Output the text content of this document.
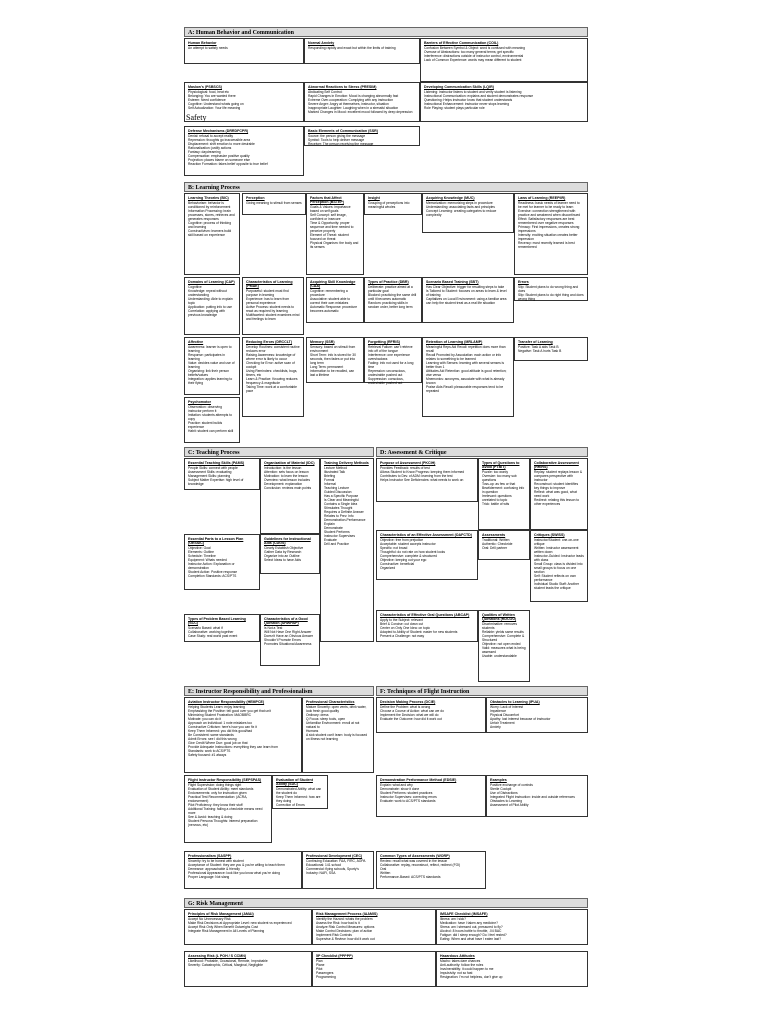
A: Human Behavior and Communication
B: Learning Process
C: Teaching Process	D: Assessment & Critique
E: Instructor Responsibility and Professionalism	F: Techniques of Flight Instruction
G: Risk Management
Human Behavior
An attempt to satisfy needs
Normal Anxiety
Responding rapidly and exact but within the limits of training
Barriers of Effective Communication (COIL)
Confusion Between Symbol & Object: word is confused with meaning
Overuse of Abstractions: too many general terms; get specific
Interference: distractions outside of instructor control, environmental
Lack of Common Experience: words may mean different to student
Maslow's (PSBSCS)
Physiological: food, heat etc
Belonging: You are wanted there
Esteem: Need confidence
Cognitive: Understand whats going on
Self Actualization: Your life meaning
Abnormal Reactions to Stress (PRESIM)
Abdicating Self Control:
Rapid Changes in Emotion: Mood is changing abnormally fast
Extreme Over-cooperation: Complying with any instruction
Severe Anger: Angry at themselves, instructor, situation
Inappropriate Laughter: Laughing when in a stressful situation
Marked Changes in Mood: excellent mood followed by deep depression
Developing Communication Skills (LQIR)
Listening: instructor listens to student and verify student is listening
Instructional Communication: explains and student demonstrates response
Questioning: Helps instructor know that student understands
Instructional Enhancement: instructor never stops learning
Role Playing: student plays particular role
Defense Mechanisms (DRRDFCPR)
Denial: refusal to accept reality
Repression: thoughts go inaccessible area
Displacement: shift emotion to more desirable
Rationalization: justify actions
Fantasy: daydreaming
Compensation: emphasize positive quality
Projection: places blame on someone else
Reaction Formation: fakes belief opposite to true belief
Basic Elements of Communication (SSR)
Source: the person giving the message
Symbol: Tools to help deliver message
Receiver: The person receiving the message
Learning Theories (BIC)
Behaviorism: behavior is conditioned by reinforcement
Information Processing: brain processes, stores, retrieves and generates responses
Cognitive: process of thinking and learning
Constructivism: learners build skill based on experience
Perception
Giving meaning to stimuli from senses
Factors that Affect Perception (BSTEP)
Goals & Values: importance based on self goals
Self Concept: self image, confident or insecure
Time & Opportunity: proper sequence and time needed to perceive properly
Element of Threat: student focused on threat
Physical Organism: the body and its senses
Insight
Grouping of perceptions into meaningful wholes
Acquiring Knowledge (MUC)
Memorization: memorizing steps in procedure
Understanding: associating facts and principles
Concept Learning: creating categories to reduce complexity
Laws of Learning (REEPIIR)
Readiness: basic needs of learner need to be met for learner to be ready to learn
Exercise: connection strengthened with practice and weakened when discontinued
Effect: Satisfactory responses are best remembered over negative responses
Primacy: First impressions, creates strong impressions
Intensity: exciting situation creates better impression
Recency: most recently learned is best remembered
Domains of Learning (CAP)
Cognitive
Knowledge: repeat without understanding
Understanding: Able to explain topic
Application: putting info to use
Correlation: applying with previous knowledge
Characteristics of Learning (PMAE)
Purposeful: student must find purpose in learning
Experience: has to learn from personal experience
Active Process: student needs to react as required by learning
Multifaceted: student examines mind and feelings to learn
Acquiring Skill Knowledge (CAA)
Cognitive: remembering a procedure
Associative: student able to correct their own mistakes
Automatic Response: procedure becomes automatic
Types of Practice (DBR)
Deliberate: practice aimed at a particular goal
Blocked: practicing the same drill until it becomes automatic
Random: practicing skills in random order, better long term
Scenario Based Training (SBT)
Has Clear Objective: trigger for resulting steps to take
Is Tailored to Student: focuses on areas to learn & level of training
Capitalizes on Local Environment: using a familiar area can help the student treat as a real life situation
Errors
Slip: Student plans to do wrong thing and does
Slip: Student plans to do right thing and does wrong thing
Affective
Awareness: learner is open to learning
Response: participates in learning
Value: decides value and use of learning
Organizing: link their person beliefs/values
Integration: applies learning to their flying
Reducing Errors (DRCCLT)
Develop Routines: consistent routine reduces error
Raising Awareness: knowledge of where error is likely to occur
Checking for Error: active scan of cockpit
Using Reminders: checklists, bugs, timers, etc
Learn & Practice: Knowing reduces frequency & magnitude
Taking Time: work at a comfortable pace
Memory (SSR)
Sensory: based on stimuli from environment
Short Term: info is stored for 30 seconds, then fades or put into long term
Long Term: permanent information to be recalled, can last a lifetime
Forgetting (RFRIS)
Retrieval Failure: can't retrieve info off of the tongue
Interference: one experience overshadows
Fading: info not used for a long time
Repression: unconscious, undesirable pushed out
Suppression: conscious, undesirable pushed out
Retention of Learning (MRLAMP)
Meaningful Reps Aid Recall: repetition does more than recall
Recall Promoted by Association: each action or info relates to something to be learned
Learning with Senses: learning with several senses is better than 1
Attitudes Aid Retention: good attitude is good retention; vise versa
Mnemonics: acronyms, associate with what is already known
Praise Aids Recall: pleasurable responses tend to be repeated
Transfer of Learning
Positive: Task A aids Task B
Negative: Task A hurts Task B
Psychomotor
Observation: observing instructor perform it
Imitation: students attempts to copy
Practice: student builds experience
Habit: student can perform skill
Essential Teaching Skills (PAMS)
People Skills: connect with people
Assessment Skills: evaluating
Management Skills: planning
Subject Matter Expertise: high level of knowledge
Organization of Material (IDC)
Introduction: is the lesson
Attention: sets focus on lesson
Motivation: to learn the lesson
Overview: what lesson includes
Development: explanation
Conclusion: reviews main points
Training Delivery Methods
Lecture Method
Illustrated Talk
Briefing
Formal
Informal
Teaching Lecture
Guided Discussion
Has a Specific Purpose
Is Clear and Meaningful
Contains a Single Idea
Stimulates Thought
Requires a Definite Answer
Relates to Prev. Info
Demonstration-Performance
Explain
Demonstrate
Student Performs
Instructor Supervises
Evaluate
Drill and Practice
Essential Parts to a Lesson Plan (OESSIC)
Objective: Goal
Elements: Outline
Schedule: Timeline
Equipment: Whats needed
Instructor Action: Explanation or demonstration
Student Action: Positive response
Completion Standards: ACS/PTS
Guidelines for Instructional Aids (CDGS)
Clearly Establish Objective
Gather Data by Research
Organize into an Outline
Select Ideas to have Aids
Types of Problem Based Learning (SCC)
Scenario Based: what if
Collaborative: working together
Case Study: real world past event
Characteristics of a Good Question (SHWHSP)
Is Not a Test
Will Not Have One Right Answer
Doesn't Have an Obvious Answer
Shouldn't Promote Errors
Promotes Situational Awareness
Purpose of Assessment (PKCIH)
Provides Feedback: results of test
Allows Student to Know Progress: keeping them informed
Contributes to Dev. of ADM: learning from the test
Helps Instructor See Deficiencies: what needs to work on
Types of Questions to Avoid (PTBIT)
Puzzle: too wordy
Oversize: too many sub questions
Toss-up: as few or that
Bewilderment: confusing info in question
Irrelevant: questions unrelated to topic
Trick: battle of wits
Collaborative Assessment (RRIRS)
Replay: student replays lesson & compares perspective with instructor
Reconstruct: student identifies key things to improve
Reflect: what was good, what need work
Redirect: relating this lesson to other experiences
Characteristics of an Effective Assessment (OAFCTD)
Objective: free from prejudice
Acceptable: student accepts instructor
Specific: not broad
Thoughtful: do not rate on how student looks
Comprehensive: complete & structured
Objective: keeping out your ego
Constructive: beneficial
Organized
Assessments
Traditional: Written
Authentic: Checkride
Oral: Drill partner
Critiques (SWISS)
Instructor/Student: one-on-one critique
Written: Instructor assessment written down
Instructor-Guided: Instructor leads with class
Small Group: class is divided into small groups to focus on one section
Self: Student reflects on own performance
Individual Studio Staff: Another student leads the critique
Characteristics of Effective Oral Questions (ABCAP)
Apply to the Subject: relevant
Brief & Concise: cut down cut
Center on Only One Idea: on topic
Adapted to Ability of Student: easier for new students
Present a Challenge: not easy
Qualities of Written Questions (RDCOU)
Discriminative: removes students
Reliable: yields same results
Comprehensive: Complete & Structured
Objective: not open ended
Valid: measures what is being assessed
Usable: understandable
Aviation Instructor Responsibility (HEMPCE)
Helping Students Learn: enjoy learning
Emphasizing the Positive: tell good over you get that unit
Minimizing Student Frustration: MAOBBRC
Motivate: you can do it
Approach an Individual: 1 note mistakes too
Constructive Criticism: here's how you can fix it
Keep Them Informed: you did this good/bad
Be Consistent: same standards
Admit Errors: see I did this wrong
Give Credit Where Due: good job on that
Provide Adequate Instructions: everything they can learn from
Standards: work to ACS/PTS
Safety focused: #1 always
Professional Characteristics
Mature Sincerity: open vents, drink water, look fresh good quality
Ordinary: dress
Q Focus: sleep tools, open
Unfamiliar Environment: enroll at not natural to
Humans
A sick student can't learn: body is focused on illness not learning
Flight Instructor Responsibility (SEPSPAS)
Flight Supervision: doing things right
Evaluation of Student Ability: meet standards
Endorsements: only for instruction given
Practical Test Recommendation: (ACRA, endorsement)
Pilot Proficiency: they know their stuff
Additional Training: failing a checkride means need more
See & Avoid: teaching & doing
Student Persona Thoughts: interest preparation (nervous, etc)
Evaluation of Student Ability (SDC)
Demonstrated Ability: what can the student do
Keep Them Informed: how are they doing
Correction of Errors
Professionalism (SASPP)
Sincerity: try to be honest with student
Acceptance of Student: they are you & you're willing to teach them
Demeanor: approachable & friendly
Professional Appearance: look like you know what you're doing
Proper Language: Not slang
Professional Development (CEC)
Continuing Education: FAA, FIRC, AOPA
Educational: 141 school
Commercial: flying schools, Sporty's
Industry: NAFI, SSA
Decision Making Process (DCIE)
Define the Problem: what is wrong
Choose a Course of Action: what can we do
Implement the Decision: what we will do
Evaluate the Outcome: how did it work out
Obstacles to Learning (IPUA)
Worry: Lack of Interest
Impatience
Physical Discomfort
Apathy: lost interest because of instructor
Unfair Treatment
Anxiety
Demonstration Performance Method (EDSIE)
Explain: what and why
Demonstrate: show it done
Student Performs: student practices
Instructor Supervises: correcting errors
Evaluate: work to ACS/PTS standards
Examples
Positive exchange of controls
Sterile Cockpit
Use of Distractions
Integrated Flight Instruction: inside and outside references
Obstacles to Learning
Assessment of Pilot Ability
Common Types of Assessments (WORP)
Review: recall what was covered in the lesson
Collaborative: replay, reconstruct, reflect, redirect (FOI)
Oral
Written
Performance-Based: ACS/PTS standards
Principles of Risk Management (AMAI)
Accept No Unnecessary Risk
Make Risk Decisions at Appropriate Level: new student vs experienced
Accept Risk Only When Benefit Outweighs Cost
Integrate Risk Management in All Levels of Planning
Risk Management Process (IAAMIS)
Identify the Hazard: whats the problem
Assess the Risk: how bad is it
Analyze Risk Control Measures: options
Make Control Decisions: plan of action
Implement Risk Controls
Supervise & Review: how did it work out
IMSAFE Checklist (IMSAFE)
Illness: am I sick?
Medication: have I taken any medicine?
Stress: am I stressed out, pressured to fly?
Alcohol: 8 hours bottle to throttle, .04 BAC
Fatigue: did I sleep enough? Do I feel rested?
Eating: When and what have I eaten last?
Assessing Risk (L POH / S CCMN)
Likelihood: Probable, Occasional, Remote, Improbable
Severity: Catastrophic, Critical, Marginal, Negligible
5P Checklist (PPPPP)
Plan
Plane
Pilot
Passengers
Programming
Hazardous Attitudes
Macho: takes dare chances
Anti-authority: follow the rules
Invulnerability: it could happen to me
Impulsivity: not so fast
Resignation: I'm not helpless, don't give up
Safety
